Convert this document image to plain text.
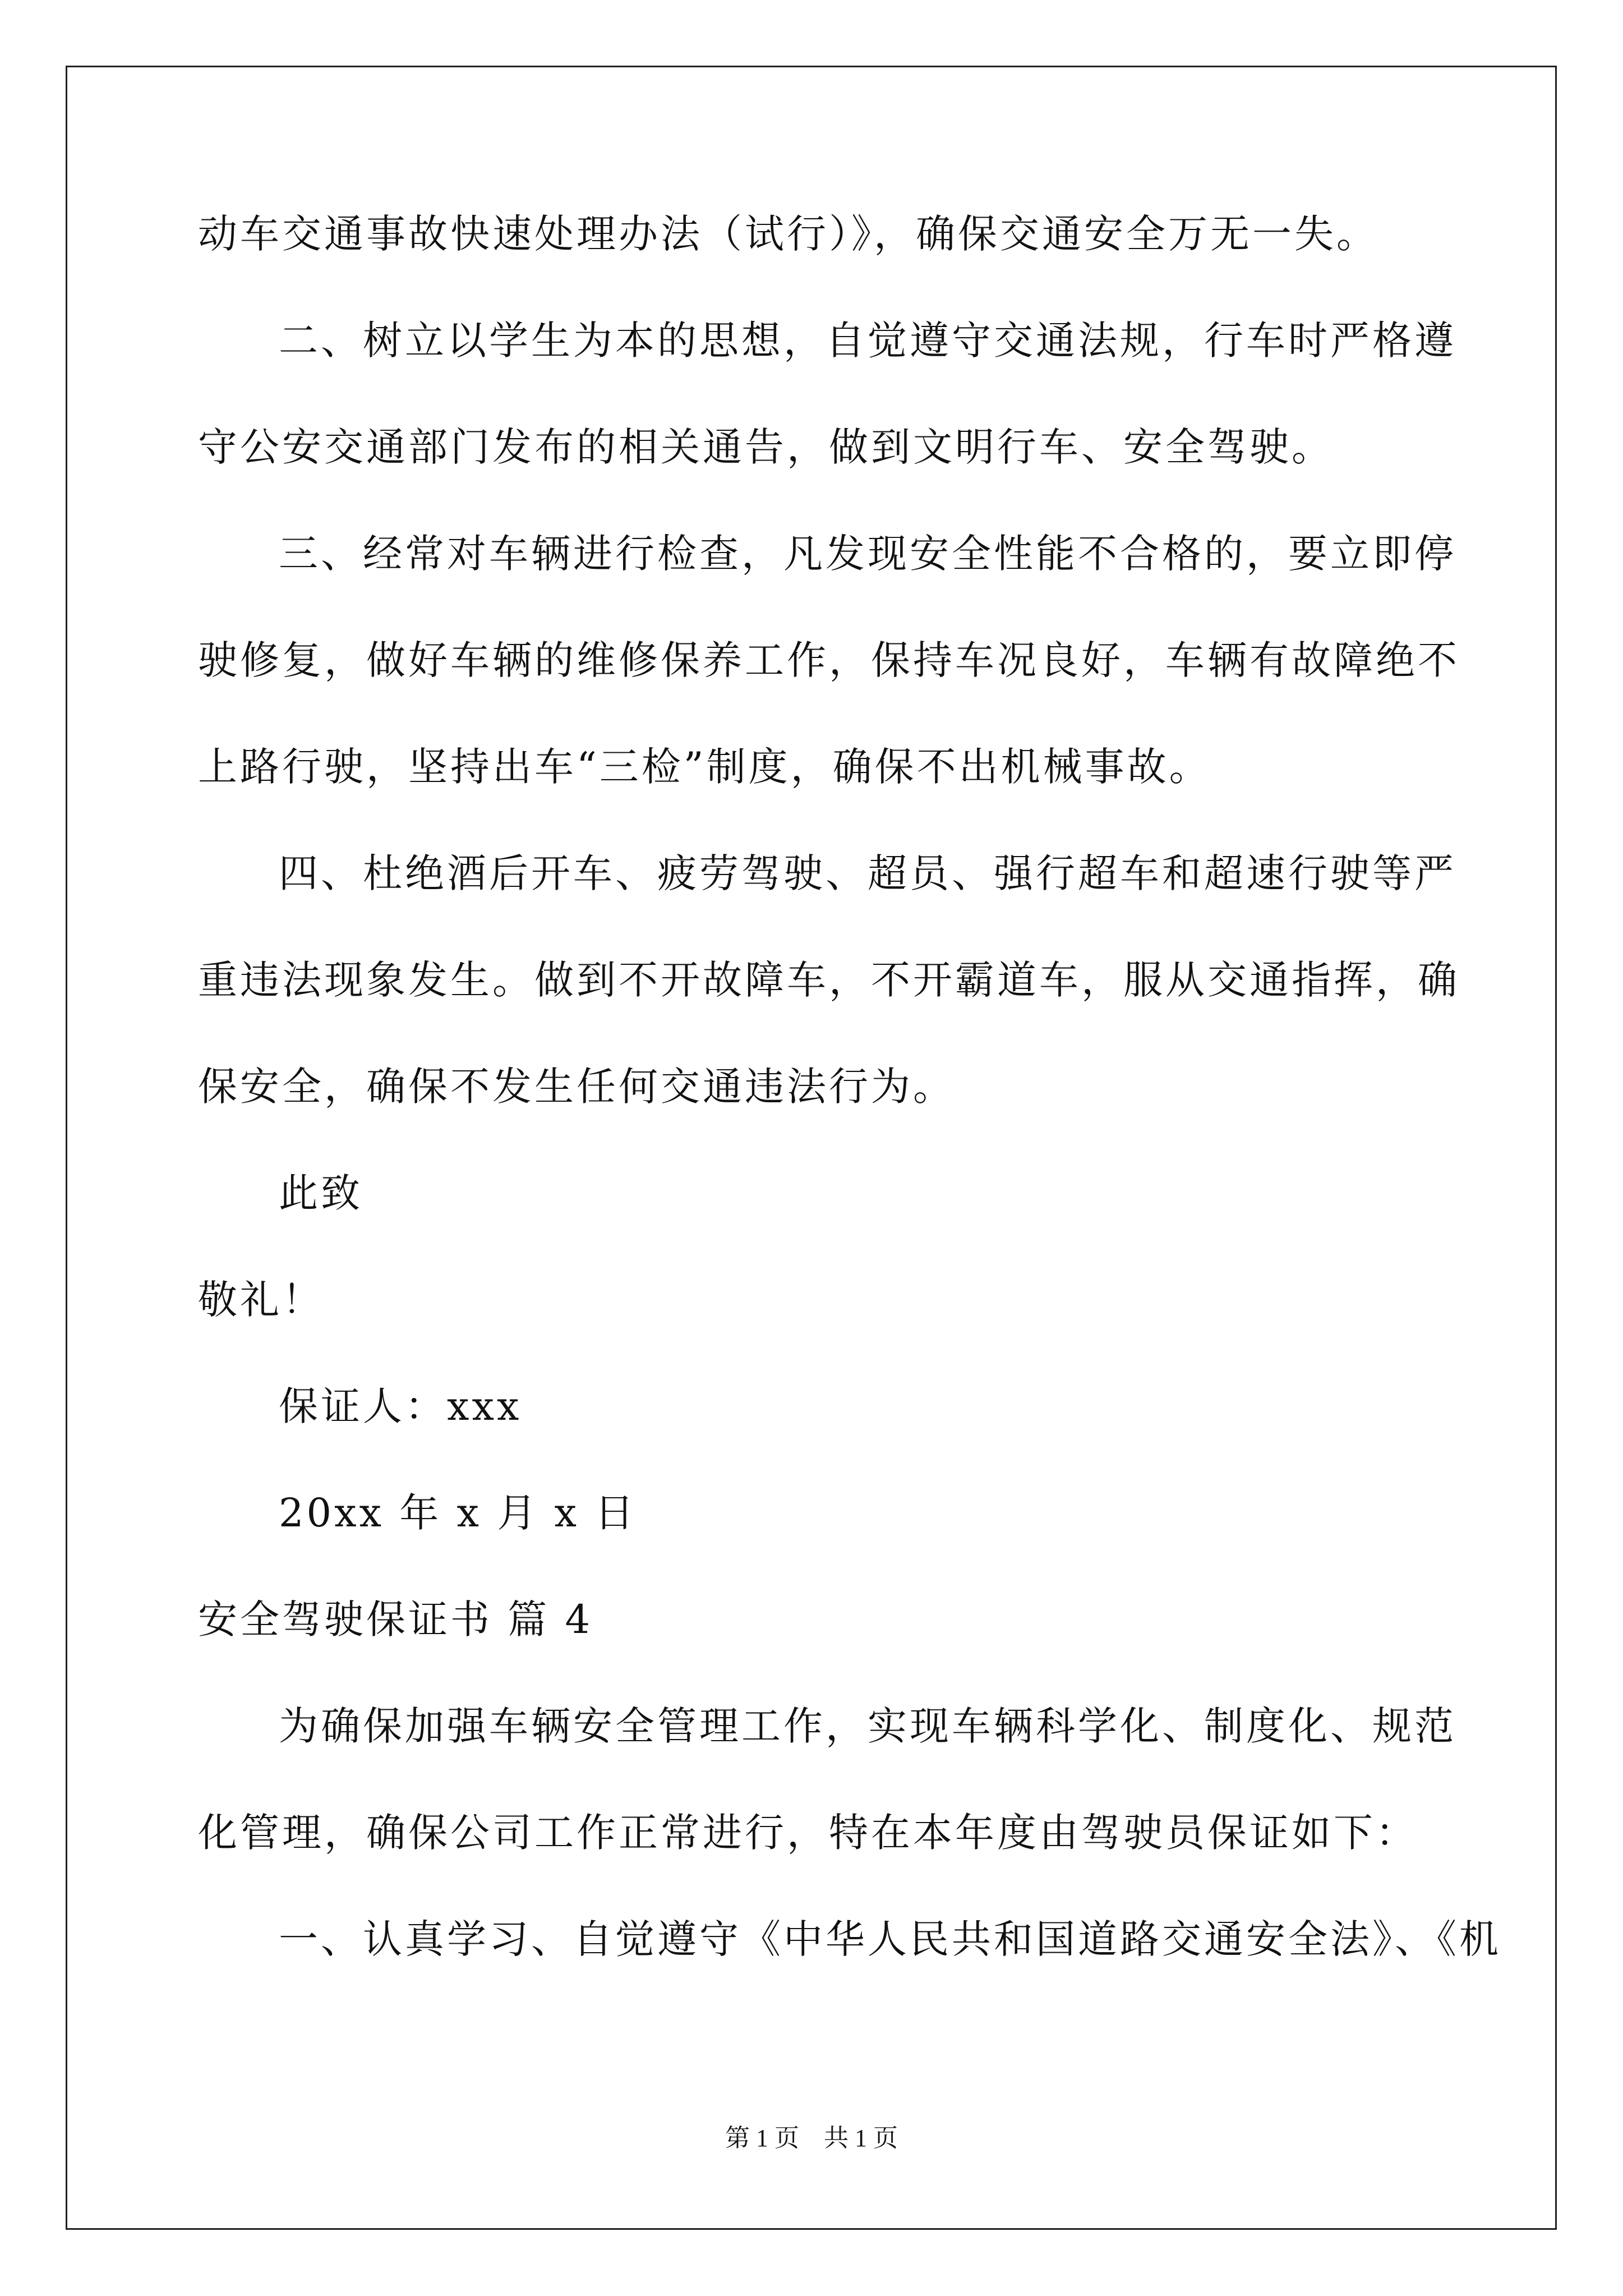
动车交通事故快速处理办法（试行）》，确保交通安全万无一失。
二、树立以学生为本的思想，自觉遵守交通法规，行车时严格遵
守公安交通部门发布的相关通告，做到文明行车、安全驾驶。
三、经常对车辆进行检查，凡发现安全性能不合格的，要立即停
驶修复，做好车辆的维修保养工作，保持车况良好，车辆有故障绝不
上路行驶，坚持出车“三检”制度，确保不出机械事故。
四、杜绝酒后开车、疲劳驾驶、超员、强行超车和超速行驶等严
重违法现象发生。做到不开故障车，不开霸道车，服从交通指挥，确
保安全，确保不发生任何交通违法行为。
此致
敬礼！
保证人：xxx
20xx 年 x 月 x 日
安全驾驶保证书 篇 4
为确保加强车辆安全管理工作，实现车辆科学化、制度化、规范
化管理，确保公司工作正常进行，特在本年度由驾驶员保证如下：
一、认真学习、自觉遵守《中华人民共和国道路交通安全法》、《机
第 1 页　共 1 页
